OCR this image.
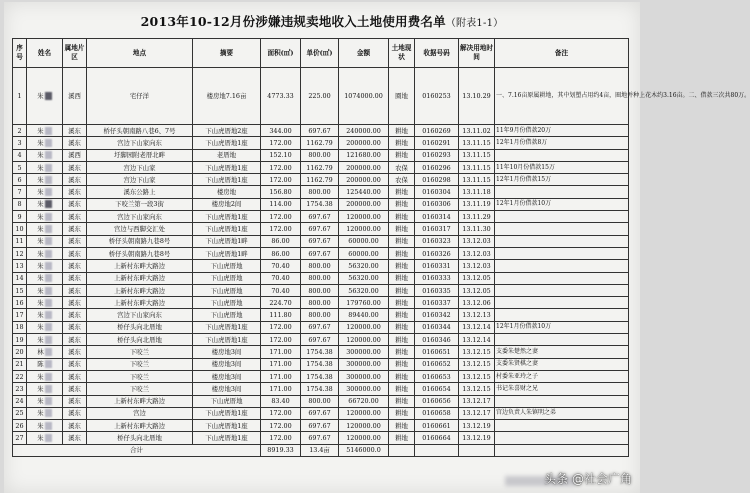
2013年10-12月份涉嫌违规卖地收入土地使用费名单（附表1-1）
序号	姓名	属地片区	地点	摘要	面积(㎡)	单价(㎡)	金额	土地现状	收据号码	解决用地时间	备注
1	朱	溪西	宅仔洋	楼房地7.16亩	4773.33	225.00	1074000.00	圈地	0160253	13.10.29	一、7.16亩原属耕地，其中划塑占用约4亩，圈地并种上花木约3.16亩。二、借款三次共80万。
2	朱	溪东	桥仔头朝南路八巷6、7号	下山虎厝地2座	344.00	697.67	240000.00	耕地	0160269	13.11.02	11年9月份借款20万
3	朱	溪东	宫边下山家向东	下山虎厝地1座	172.00	1162.79	200000.00	耕地	0160291	13.11.15	12年1月份借款8万
4	朱	溪西	圩脚园附老厝北畔	老厝地	152.10	800.00	121680.00	耕地	0160293	13.11.15	
5	朱	溪东	宫边下山家	下山虎厝地1座	172.00	1162.79	200000.00	农保	0160296	13.11.15	11年10月份借款15万
6	朱	溪东	宫边下山家	下山虎厝地1座	172.00	1162.79	200000.00	农保	0160298	13.11.15	12年1月份借款15万
7	朱	溪东	溪东公路上	楼房地	156.80	800.00	125440.00	耕地	0160304	13.11.18	
8	朱	溪东	下咬兰第一段3街	楼房地2间	114.00	1754.38	200000.00	耕地	0160306	13.11.19	12年1月份借款10万
9	朱	溪东	宫边下山家向东	下山虎厝地1座	172.00	697.67	120000.00	耕地	0160314	13.11.29	
10	朱	溪东	宫边与西脚交汇处	下山虎厝地1座	172.00	697.67	120000.00	耕地	0160317	13.11.30	
11	朱	溪东	桥仔头朝南路九巷8号	下山虎厝地1畔	86.00	697.67	60000.00	耕地	0160323	13.12.03	
12	朱	溪东	桥仔头朝南路九巷8号	下山虎厝地1畔	86.00	697.67	60000.00	耕地	0160326	13.12.03	
13	朱	溪东	上新村东畔大路边	下山虎厝地	70.40	800.00	56320.00	耕地	0160331	13.12.03	
14	朱	溪东	上新村东畔大路边	下山虎厝地	70.40	800.00	56320.00	耕地	0160333	13.12.05	
15	朱	溪东	上新村东畔大路边	下山虎厝地	70.40	800.00	56320.00	耕地	0160335	13.12.05	
16	朱	溪东	上新村东畔大路边	下山虎厝地	224.70	800.00	179760.00	耕地	0160337	13.12.06	
17	朱	溪东	宫边下山家向东	下山虎厝地	111.80	800.00	89440.00	耕地	0160342	13.12.13	
18	朱	溪东	桥仔头向北厝地	下山虎厝地1座	172.00	697.67	120000.00	耕地	0160344	13.12.14	12年1月份借款10万
19	朱	溪东	桥仔头向北厝地	下山虎厝地1座	172.00	697.67	120000.00	耕地	0160346	13.12.14	
20	林	溪东	下咬兰	楼房地3间	171.00	1754.38	300000.00	耕地	0160651	13.12.15	支委朱楚然之妻
21	陈	溪东	下咬兰	楼房地3间	171.00	1754.38	300000.00	耕地	0160652	13.12.15	支委朱贤棋之妻
22	朱	溪东	下咬兰	楼房地3间	171.00	1754.38	300000.00	耕地	0160653	13.12.15	村委朱亚玲之子
23	朱	溪东	下咬兰	楼房地3间	171.00	1754.38	300000.00	耕地	0160654	13.12.15	书记朱喜财之兄
24	朱	溪东	上新村东畔大路边	下山虎厝地	83.40	800.00	66720.00	耕地	0160656	13.12.17	
25	朱	溪东	宫边	下山虎厝地1座	172.00	697.67	120000.00	耕地	0160658	13.12.17	宫边负责人朱镇明之弟
26	朱	溪东	上新村东畔大路边	下山虎厝地1座	172.00	697.67	120000.00	耕地	0160661	13.12.19	
27	朱	溪东	桥仔头向北厝地	下山虎厝地1座	172.00	697.67	120000.00	耕地	0160664	13.12.19	
合计					8919.33	13.4亩	5146000.0				
头条 @社会广角
